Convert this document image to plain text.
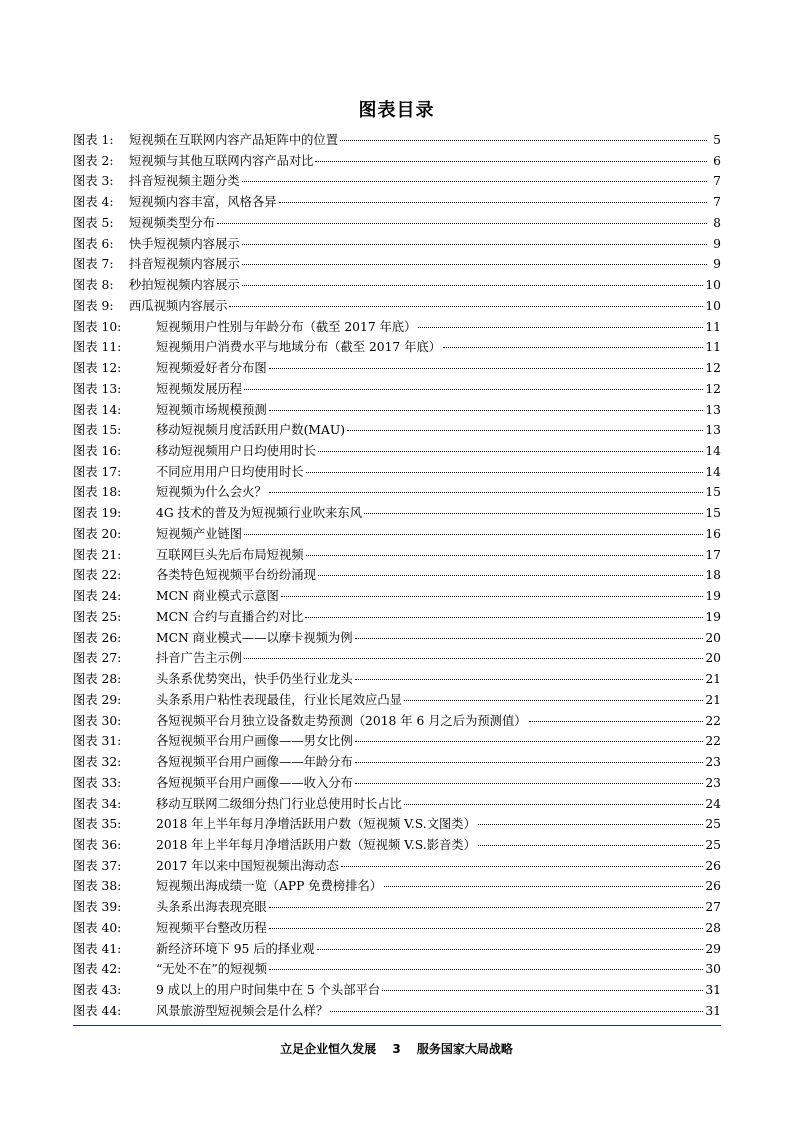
图表目录
图表 1:	短视频在互联网内容产品矩阵中的位置	5
图表 2:	短视频与其他互联网内容产品对比	6
图表 3:	抖音短视频主题分类	7
图表 4:	短视频内容丰富，风格各异	7
图表 5:	短视频类型分布	8
图表 6:	快手短视频内容展示	9
图表 7:	抖音短视频内容展示	9
图表 8:	秒拍短视频内容展示	10
图表 9:	西瓜视频内容展示	10
图表 10:	短视频用户性别与年龄分布（截至 2017 年底）	11
图表 11:	短视频用户消费水平与地域分布（截至 2017 年底）	11
图表 12:	短视频爱好者分布图	12
图表 13:	短视频发展历程	12
图表 14:	短视频市场规模预测	13
图表 15:	移动短视频月度活跃用户数(MAU)	13
图表 16:	移动短视频用户日均使用时长	14
图表 17:	不同应用用户日均使用时长	14
图表 18:	短视频为什么会火？	15
图表 19:	4G 技术的普及为短视频行业吹来东风	15
图表 20:	短视频产业链图	16
图表 21:	互联网巨头先后布局短视频	17
图表 22:	各类特色短视频平台纷纷涌现	18
图表 24:	MCN 商业模式示意图	19
图表 25:	MCN 合约与直播合约对比	19
图表 26:	MCN 商业模式——以摩卡视频为例	20
图表 27:	抖音广告主示例	20
图表 28:	头条系优势突出，快手仍坐行业龙头	21
图表 29:	头条系用户粘性表现最佳，行业长尾效应凸显	21
图表 30:	各短视频平台月独立设备数走势预测（2018 年 6 月之后为预测值）	22
图表 31:	各短视频平台用户画像——男女比例	22
图表 32:	各短视频平台用户画像——年龄分布	23
图表 33:	各短视频平台用户画像——收入分布	23
图表 34:	移动互联网二级细分热门行业总使用时长占比	24
图表 35:	2018 年上半年每月净增活跃用户数（短视频 V.S.文图类）	25
图表 36:	2018 年上半年每月净增活跃用户数（短视频 V.S.影音类）	25
图表 37:	2017 年以来中国短视频出海动态	26
图表 38:	短视频出海成绩一览（APP 免费榜排名）	26
图表 39:	头条系出海表现亮眼	27
图表 40:	短视频平台整改历程	28
图表 41:	新经济环境下 95 后的择业观	29
图表 42:	“无处不在”的短视频	30
图表 43:	9 成以上的用户时间集中在 5 个头部平台	31
图表 44:	风景旅游型短视频会是什么样？	31
立足企业恒久发展 3 服务国家大局战略
